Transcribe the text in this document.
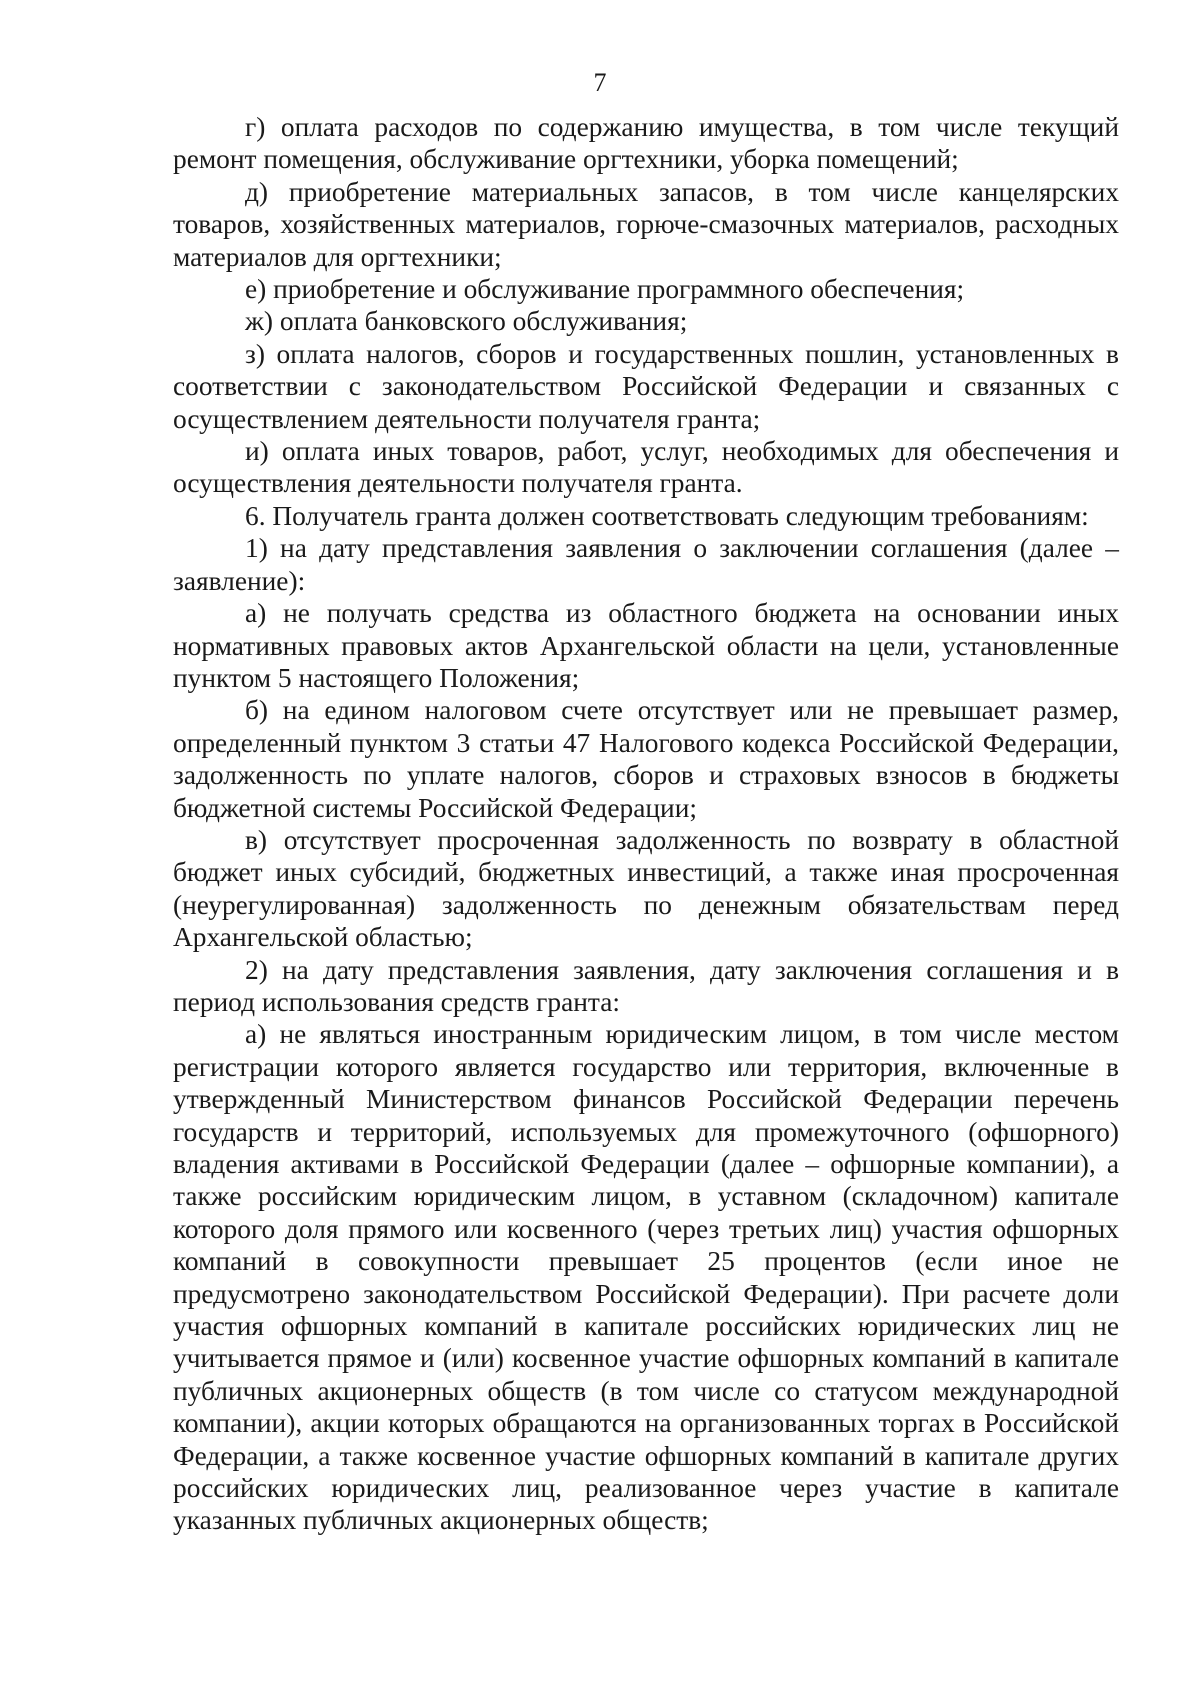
7

г) оплата расходов по содержанию имущества, в том числе текущий ремонт помещения, обслуживание оргтехники, уборка помещений;

д) приобретение материальных запасов, в том числе канцелярских товаров, хозяйственных материалов, горюче-смазочных материалов, расходных материалов для оргтехники;

е) приобретение и обслуживание программного обеспечения;

ж) оплата банковского обслуживания;

з) оплата налогов, сборов и государственных пошлин, установленных в соответствии с законодательством Российской Федерации и связанных с осуществлением деятельности получателя гранта;

и) оплата иных товаров, работ, услуг, необходимых для обеспечения и осуществления деятельности получателя гранта.

6. Получатель гранта должен соответствовать следующим требованиям:

1) на дату представления заявления о заключении соглашения (далее – заявление):

а) не получать средства из областного бюджета на основании иных нормативных правовых актов Архангельской области на цели, установленные пунктом 5 настоящего Положения;

б) на едином налоговом счете отсутствует или не превышает размер, определенный пунктом 3 статьи 47 Налогового кодекса Российской Федерации, задолженность по уплате налогов, сборов и страховых взносов в бюджеты бюджетной системы Российской Федерации;

в) отсутствует просроченная задолженность по возврату в областной бюджет иных субсидий, бюджетных инвестиций, а также иная просроченная (неурегулированная) задолженность по денежным обязательствам перед Архангельской областью;

2) на дату представления заявления, дату заключения соглашения и в период использования средств гранта:

а) не являться иностранным юридическим лицом, в том числе местом регистрации которого является государство или территория, включенные в утвержденный Министерством финансов Российской Федерации перечень государств и территорий, используемых для промежуточного (офшорного) владения активами в Российской Федерации (далее – офшорные компании), а также российским юридическим лицом, в уставном (складочном) капитале которого доля прямого или косвенного (через третьих лиц) участия офшорных компаний в совокупности превышает 25 процентов (если иное не предусмотрено законодательством Российской Федерации). При расчете доли участия офшорных компаний в капитале российских юридических лиц не учитывается прямое и (или) косвенное участие офшорных компаний в капитале публичных акционерных обществ (в том числе со статусом международной компании), акции которых обращаются на организованных торгах в Российской Федерации, а также косвенное участие офшорных компаний в капитале других российских юридических лиц, реализованное через участие в капитале указанных публичных акционерных обществ;
